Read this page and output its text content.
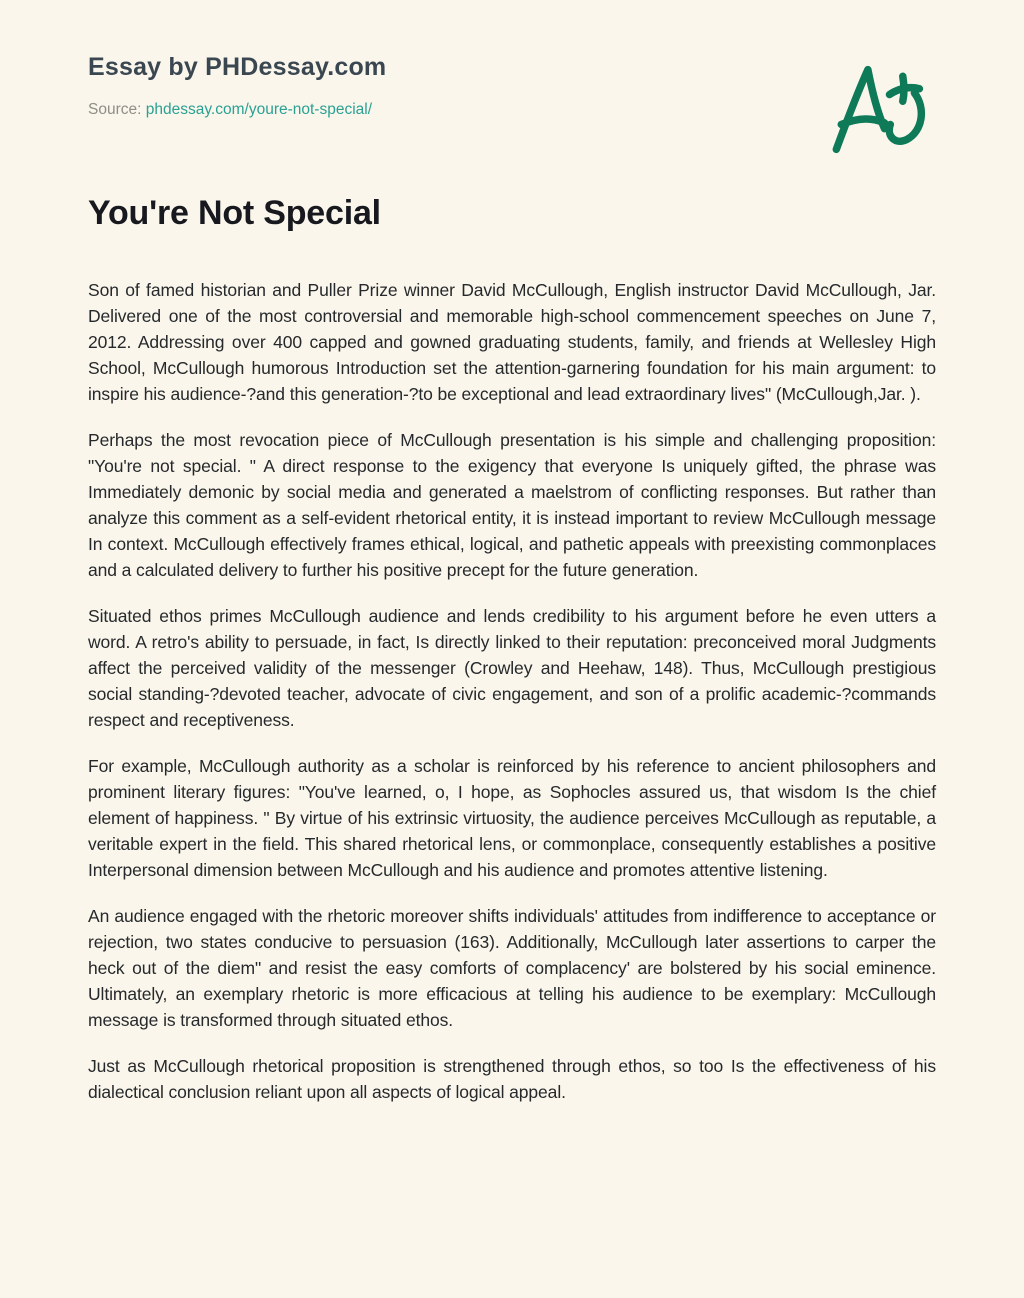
Essay by PHDessay.com
Source: phdessay.com/youre-not-special/
You're Not Special

Son of famed historian and Puller Prize winner David McCullough, English instructor David McCullough, Jar. Delivered one of the most controversial and memorable high-school commencement speeches on June 7, 2012. Addressing over 400 capped and gowned graduating students, family, and friends at Wellesley High School, McCullough humorous Introduction set the attention-garnering foundation for his main argument: to inspire his audience-?and this generation-?to be exceptional and lead extraordinary lives" (McCullough,Jar. ).

Perhaps the most revocation piece of McCullough presentation is his simple and challenging proposition: "You're not special. " A direct response to the exigency that everyone Is uniquely gifted, the phrase was Immediately demonic by social media and generated a maelstrom of conflicting responses. But rather than analyze this comment as a self-evident rhetorical entity, it is instead important to review McCullough message In context. McCullough effectively frames ethical, logical, and pathetic appeals with preexisting commonplaces and a calculated delivery to further his positive precept for the future generation.

Situated ethos primes McCullough audience and lends credibility to his argument before he even utters a word. A retro's ability to persuade, in fact, Is directly linked to their reputation: preconceived moral Judgments affect the perceived validity of the messenger (Crowley and Heehaw, 148). Thus, McCullough prestigious social standing-?devoted teacher, advocate of civic engagement, and son of a prolific academic-?commands respect and receptiveness.

For example, McCullough authority as a scholar is reinforced by his reference to ancient philosophers and prominent literary figures: "You've learned, o, I hope, as Sophocles assured us, that wisdom Is the chief element of happiness. " By virtue of his extrinsic virtuosity, the audience perceives McCullough as reputable, a veritable expert in the field. This shared rhetorical lens, or commonplace, consequently establishes a positive Interpersonal dimension between McCullough and his audience and promotes attentive listening.

An audience engaged with the rhetoric moreover shifts individuals' attitudes from indifference to acceptance or rejection, two states conducive to persuasion (163). Additionally, McCullough later assertions to carper the heck out of the diem" and resist the easy comforts of complacency' are bolstered by his social eminence. Ultimately, an exemplary rhetoric is more efficacious at telling his audience to be exemplary: McCullough message is transformed through situated ethos.

Just as McCullough rhetorical proposition is strengthened through ethos, so too Is the effectiveness of his dialectical conclusion reliant upon all aspects of logical appeal.
